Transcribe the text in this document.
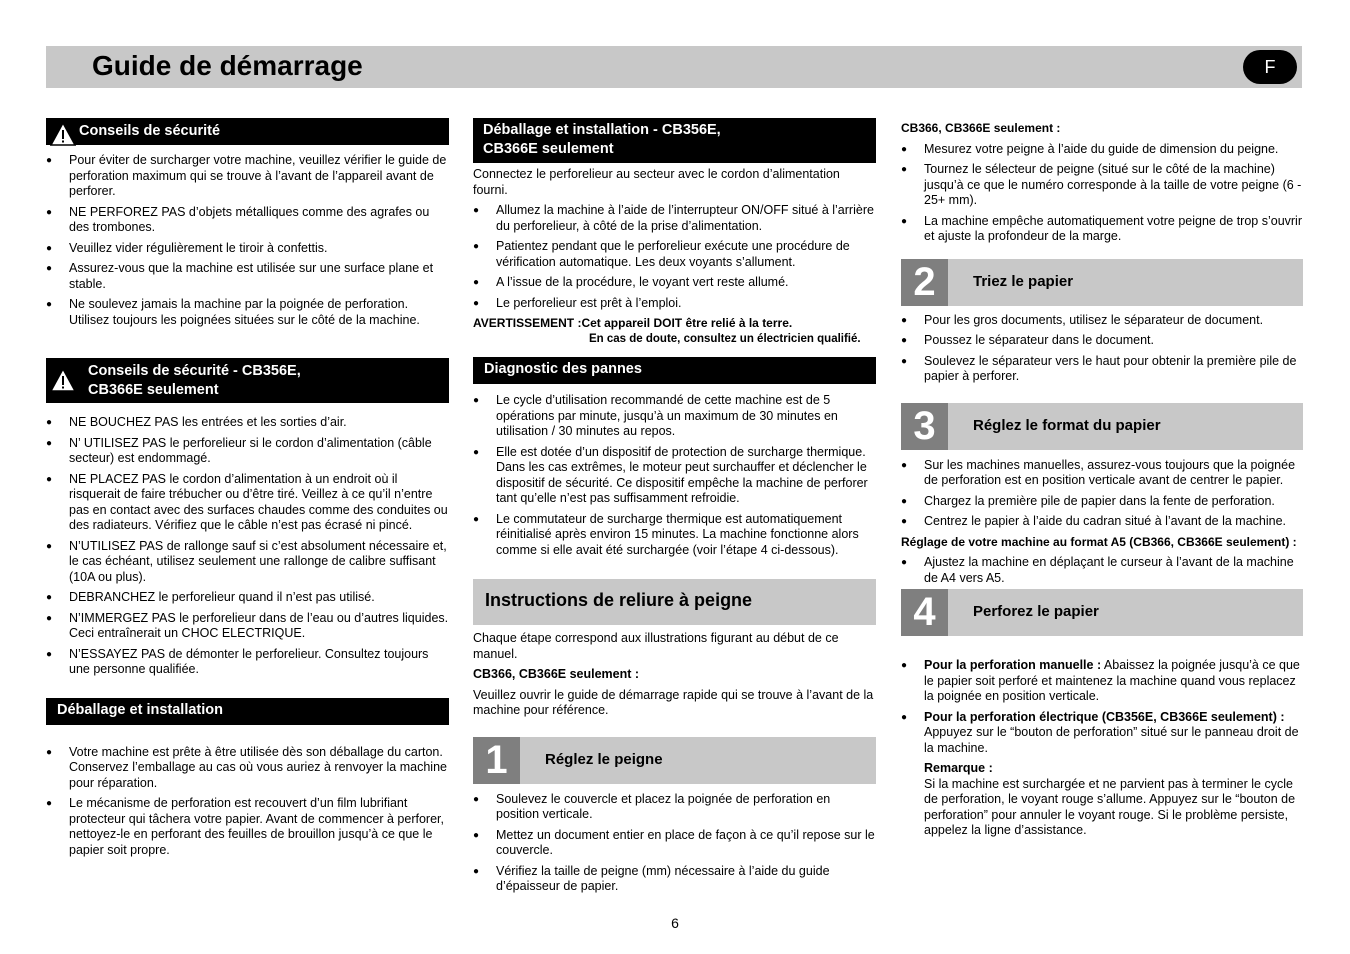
Guide de démarrage	F
Conseils de sécurité
● Pour éviter de surcharger votre machine, veuillez vérifier le guide de perforation maximum qui se trouve à l’avant de l’appareil avant de perforer.
● NE PERFOREZ PAS d’objets métalliques comme des agrafes ou des trombones.
● Veuillez vider régulièrement le tiroir à confettis.
● Assurez-vous que la machine est utilisée sur une surface plane et stable.
● Ne soulevez jamais la machine par la poignée de perforation. Utilisez toujours les poignées situées sur le côté de la machine.
Conseils de sécurité - CB356E,
CB366E seulement
● NE BOUCHEZ PAS les entrées et les sorties d’air.
● N’ UTILISEZ PAS le perforelieur si le cordon d’alimentation (câble secteur) est endommagé.
● NE PLACEZ PAS le cordon d’alimentation à un endroit où il risquerait de faire trébucher ou d’être tiré. Veillez à ce qu’il n’entre pas en contact avec des surfaces chaudes comme des conduites ou des radiateurs. Vérifiez que le câble n’est pas écrasé ni pincé.
● N’UTILISEZ PAS de rallonge sauf si c’est absolument nécessaire et, le cas échéant, utilisez seulement une rallonge de calibre suffisant (10A ou plus).
● DEBRANCHEZ le perforelieur quand il n’est pas utilisé.
● N’IMMERGEZ PAS le perforelieur dans de l’eau ou d’autres liquides. Ceci entraînerait un CHOC ELECTRIQUE.
● N’ESSAYEZ PAS de démonter le perforelieur. Consultez toujours une personne qualifiée.
Déballage et installation
● Votre machine est prête à être utilisée dès son déballage du carton. Conservez l’emballage au cas où vous auriez à renvoyer la machine pour réparation.
● Le mécanisme de perforation est recouvert d’un film lubrifiant protecteur qui tâchera votre papier. Avant de commencer à perforer, nettoyez-le en perforant des feuilles de brouillon jusqu’à ce que le papier soit propre.
Déballage et installation - CB356E,
CB366E seulement

Connectez le perforelieur au secteur avec le cordon d’alimentation fourni.

● Allumez la machine à l’aide de l’interrupteur ON/OFF situé à l’arrière du perforelieur, à côté de la prise d’alimentation.
● Patientez pendant que le perforelieur exécute une procédure de vérification automatique. Les deux voyants s’allument.
● A l’issue de la procédure, le voyant vert reste allumé.
● Le perforelieur est prêt à l’emploi.
AVERTISSEMENT :Cet appareil DOIT être relié à la terre.
En cas de doute, consultez un électricien qualifié.
Diagnostic des pannes
● Le cycle d’utilisation recommandé de cette machine est de 5 opérations par minute, jusqu’à un maximum de 30 minutes en utilisation / 30 minutes au repos.
● Elle est dotée d’un dispositif de protection de surcharge thermique. Dans les cas extrêmes, le moteur peut surchauffer et déclencher le dispositif de sécurité. Ce dispositif empêche la machine de perforer tant qu’elle n’est pas suffisamment refroidie.
● Le commutateur de surcharge thermique est automatiquement réinitialisé après environ 15 minutes. La machine fonctionne alors comme si elle avait été surchargée (voir l’étape 4 ci-dessous).
Instructions de reliure à peigne

Chaque étape correspond aux illustrations figurant au début de ce manuel.

CB366, CB366E seulement :

Veuillez ouvrir le guide de démarrage rapide qui se trouve à l’avant de la machine pour référence.

1	Réglez le peigne
● Soulevez le couvercle et placez la poignée de perforation en position verticale.
● Mettez un document entier en place de façon à ce qu’il repose sur le couvercle.
● Vérifiez la taille de peigne (mm) nécessaire à l’aide du guide d’épaisseur de papier.

CB366, CB366E seulement :

● Mesurez votre peigne à l’aide du guide de dimension du peigne.
● Tournez le sélecteur de peigne (situé sur le côté de la machine) jusqu’à ce que le numéro corresponde à la taille de votre peigne (6 - 25+ mm).
● La machine empêche automatiquement votre peigne de trop s’ouvrir et ajuste la profondeur de la marge.
2	Triez le papier
● Pour les gros documents, utilisez le séparateur de document.
● Poussez le séparateur dans le document.
● Soulevez le séparateur vers le haut pour obtenir la première pile de papier à perforer.
3	Réglez le format du papier
● Sur les machines manuelles, assurez-vous toujours que la poignée de perforation est en position verticale avant de centrer le papier.
● Chargez la première pile de papier dans la fente de perforation.
● Centrez le papier à l’aide du cadran situé à l’avant de la machine.

Réglage de votre machine au format A5 (CB366, CB366E seulement) :

● Ajustez la machine en déplaçant le curseur à l’avant de la machine de A4 vers A5.
4	Perforez le papier
● Pour la perforation manuelle : Abaissez la poignée jusqu’à ce que le papier soit perforé et maintenez la machine quand vous replacez la poignée en position verticale.
● Pour la perforation électrique (CB356E, CB366E seulement) : Appuyez sur le “bouton de perforation” situé sur le panneau droit de la machine.
Remarque :
Si la machine est surchargée et ne parvient pas à terminer le cycle de perforation, le voyant rouge s’allume. Appuyez sur le “bouton de perforation” pour annuler le voyant rouge. Si le problème persiste, appelez la ligne d’assistance.
6
